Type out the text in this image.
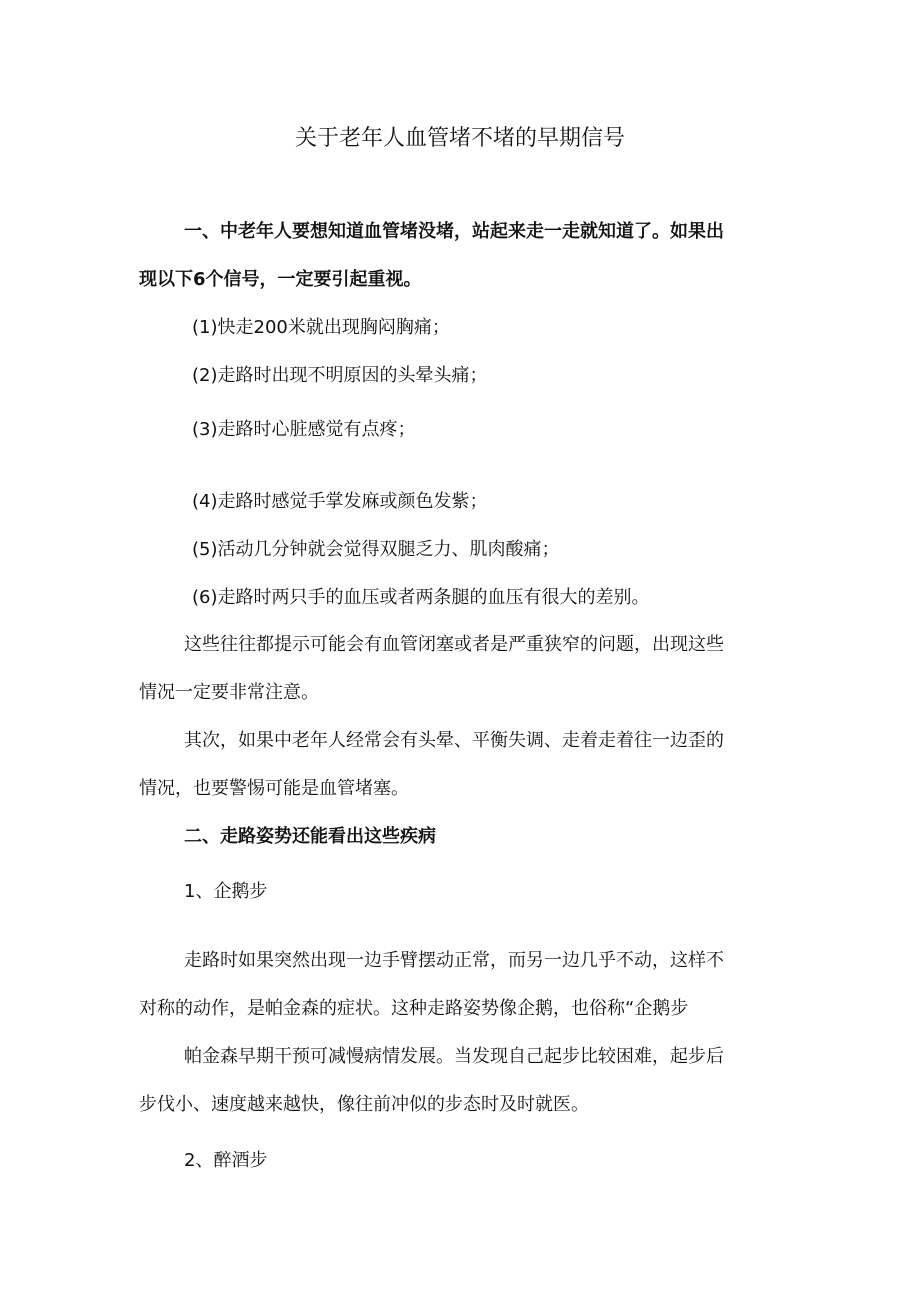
关于老年人血管堵不堵的早期信号
一、中老年人要想知道血管堵没堵，站起来走一走就知道了。如果出
现以下6个信号，一定要引起重视。
(1)快走200米就出现胸闷胸痛；
(2)走路时出现不明原因的头晕头痛；
(3)走路时心脏感觉有点疼；
(4)走路时感觉手掌发麻或颜色发紫；
(5)活动几分钟就会觉得双腿乏力、肌肉酸痛；
(6)走路时两只手的血压或者两条腿的血压有很大的差别。
这些往往都提示可能会有血管闭塞或者是严重狭窄的问题，出现这些
情况一定要非常注意。
其次，如果中老年人经常会有头晕、平衡失调、走着走着往一边歪的
情况，也要警惕可能是血管堵塞。
二、走路姿势还能看出这些疾病
1、企鹅步
走路时如果突然出现一边手臂摆动正常，而另一边几乎不动，这样不
对称的动作，是帕金森的症状。这种走路姿势像企鹅，也俗称“企鹅步
帕金森早期干预可减慢病情发展。当发现自己起步比较困难，起步后
步伐小、速度越来越快，像往前冲似的步态时及时就医。
2、醉酒步
